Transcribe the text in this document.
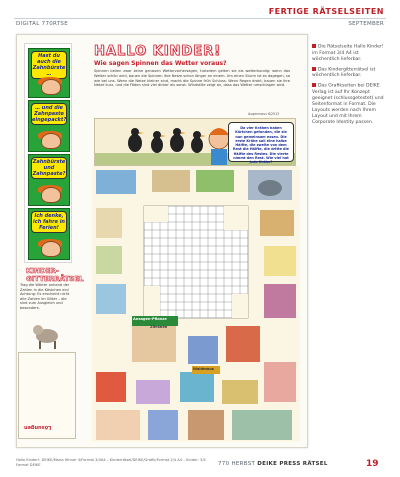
FERTIGE RÄTSELSEITEN
DIGITAL 770RTSE	SEPTEMBER
Hast du auch die Zahnbürste …
… und die Zahnpaste eingepackt?
Zahnbürste und Zahnpaste?
Ich denke, ich fahre in Ferien!
HALLO KINDER!
Wie sagen Spinnen das Wetter voraus?
Spinnen bellen zwar keine genauen Wettervorhersagen, trotzdem gelten sie als wetterkundig: wenn das Wetter schön wird, bauen die Spinnen ihre Netze schon länger an einem. Um einen Sturm ist es dagegen, so wie bei uns. Wenn die Netze kleiner sind, macht die Spinne früh Schluss. Wenn Regen droht, bauen sie ihre Netze kurz, und die Fäden sind viel dicker als sonst. Windstille zeigt an, dass das Wetter umschlagen wird.
Augenmaus 6/2013
Da vier Krähen haben Kärtchen gefunden, die sie nun gemeinsam essen. Die erste Krähe soll eine halbe Hälfte, die zweite von dem Rest die Hälfte, die dritte die Hälfte des Restes. Die vierte nimmt den Rest. Wie viel hat jede Krähe?
Ansagen-Pflanze
Waldmaus
Zitronen
KINDER-GITTERRÄTSEL
Trag die Wörter anhand der Zahlen in die Kästchen ein! Achtung: Es erscheint nicht alle Zahlen im Gitter – die sind zum Ausgleich und besonders.
Lösungen
Die Rätselseite Hallo Kinder! im Format 3/4 A4 ist wöchentlich lieferbar.
Das Kindergitterrätsel ist wöchentlich lieferbar.
Das Grafikseiten bei DEIKE Verlag ist auf Ihr Konzept geeignet (schlussgetestet) und Seitenformat in Format. Die Layouts werden nach Ihrem Layout und mit Ihrem Corporate Identity passen.
Hallo Kinder!: DEIKE/Maria Hinner 4/Format 3/4A4 – Kinderrätsel/DEIKE/Grafik/Format 2/4 A4 – Kinder: 3/4 Format DEIKE	770 HERBST DEIKE PRESS RÄTSEL	19
